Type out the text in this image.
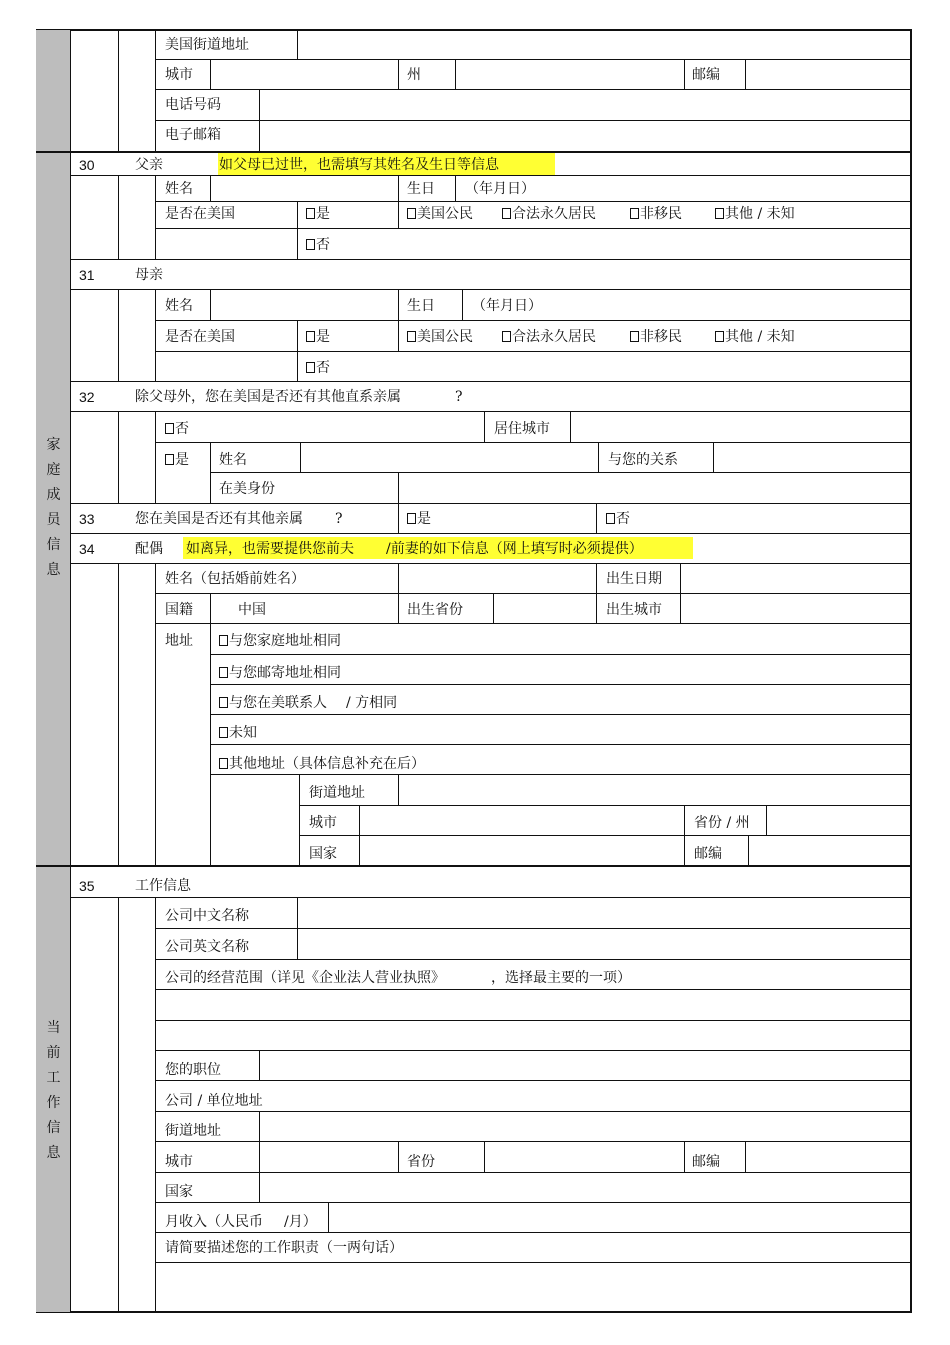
家
庭
成
员
信
息
当
前
工
作
信
息
美国街道地址
城市	州	邮编
电话号码
电子邮箱
30	父亲	如父母已过世，也需填写其姓名及生日等信息
姓名	生日 （年月日）
是否在美国	是	美国公民	合法永久居民	非移民	其他 / 未知
否
31	母亲
姓名	生日	（年月日）
是否在美国	是	美国公民	合法永久居民	非移民	其他 / 未知
否
32	除父母外，您在美国是否还有其他直系亲属	?
否	居住城市
是 姓名	与您的关系
在美身份
33	您在美国是否还有其他亲属 ?	是	否
34	配偶 如离异，也需要提供您前夫 /前妻的如下信息（网上填写时必须提供）
姓名（包括婚前姓名）	出生日期
国籍	中国	出生省份	出生城市
地址	与您家庭地址相同
与您邮寄地址相同
与您在美联系人 / 方相同
未知
其他地址（具体信息补充在后）
街道地址
城市	省份 / 州
国家	邮编
35	工作信息
公司中文名称
公司英文名称
公司的经营范围（详见《企业法人营业执照》	，选择最主要的一项）
您的职位
公司 / 单位地址
街道地址
城市	省份	邮编
国家
月收入（人民币 /月）
请简要描述您的工作职责（一两句话）
